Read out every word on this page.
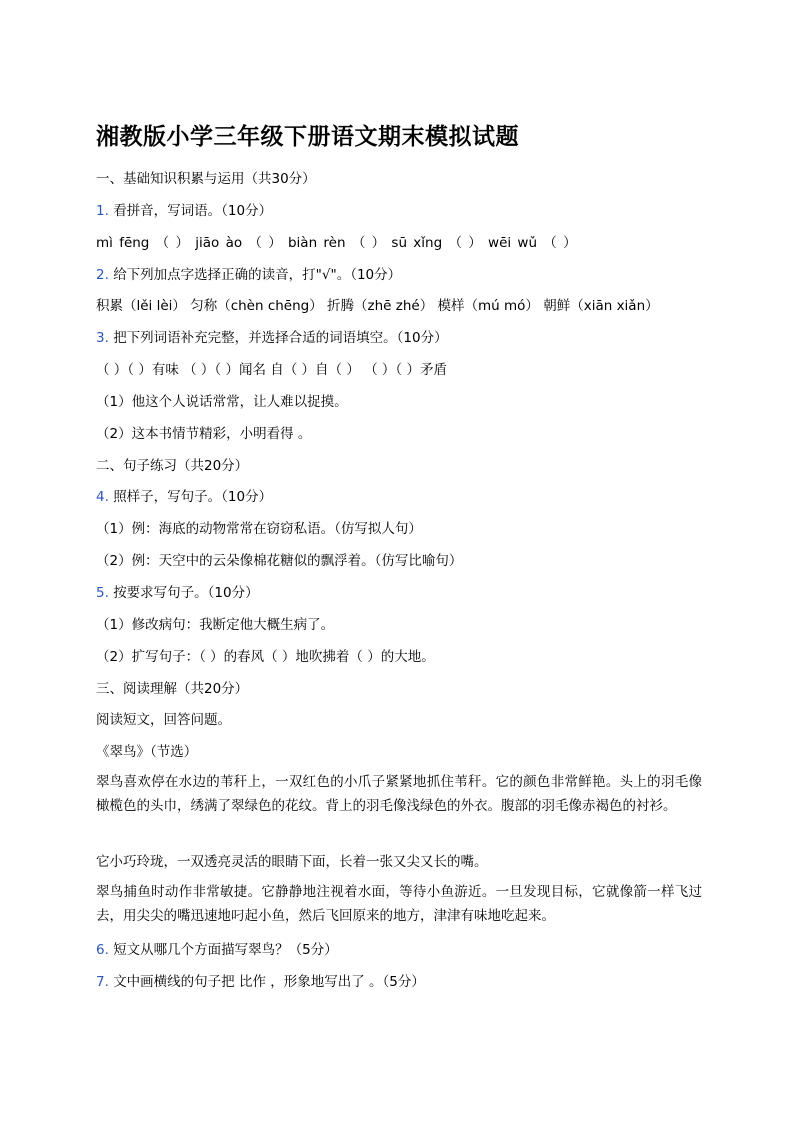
湘教版小学三年级下册语文期末模拟试题
一、基础知识积累与运用（共30分）
1. 看拼音，写词语。（10分）
mì fēng （ ） jiāo ào （ ） biàn rèn （ ） sū xǐng （ ） wēi wǔ （ ）
2. 给下列加点字选择正确的读音，打"√"。（10分）
积累（lěi lèi） 匀称（chèn chēng） 折腾（zhē zhé） 模样（mú mó） 朝鲜（xiān xiǎn）
3. 把下列词语补充完整，并选择合适的词语填空。（10分）
（ ）（ ）有味 （ ）（ ）闻名 自（ ）自（ ） （ ）（ ）矛盾
（1）他这个人说话常常，让人难以捉摸。
（2）这本书情节精彩，小明看得 。
二、句子练习（共20分）
4. 照样子，写句子。（10分）
（1）例：海底的动物常常在窃窃私语。（仿写拟人句）
（2）例：天空中的云朵像棉花糖似的飘浮着。（仿写比喻句）
5. 按要求写句子。（10分）
（1）修改病句：我断定他大概生病了。
（2）扩写句子：（ ）的春风（ ）地吹拂着（ ）的大地。
三、阅读理解（共20分）
阅读短文，回答问题。
《翠鸟》（节选）
翠鸟喜欢停在水边的苇秆上，一双红色的小爪子紧紧地抓住苇秆。它的颜色非常鲜艳。头上的羽毛像橄榄色的头巾，绣满了翠绿色的花纹。背上的羽毛像浅绿色的外衣。腹部的羽毛像赤褐色的衬衫。
它小巧玲珑，一双透亮灵活的眼睛下面，长着一张又尖又长的嘴。
翠鸟捕鱼时动作非常敏捷。它静静地注视着水面，等待小鱼游近。一旦发现目标，它就像箭一样飞过去，用尖尖的嘴迅速地叼起小鱼，然后飞回原来的地方，津津有味地吃起来。
6. 短文从哪几个方面描写翠鸟？（5分）
7. 文中画横线的句子把 比作 ，形象地写出了 。（5分）
